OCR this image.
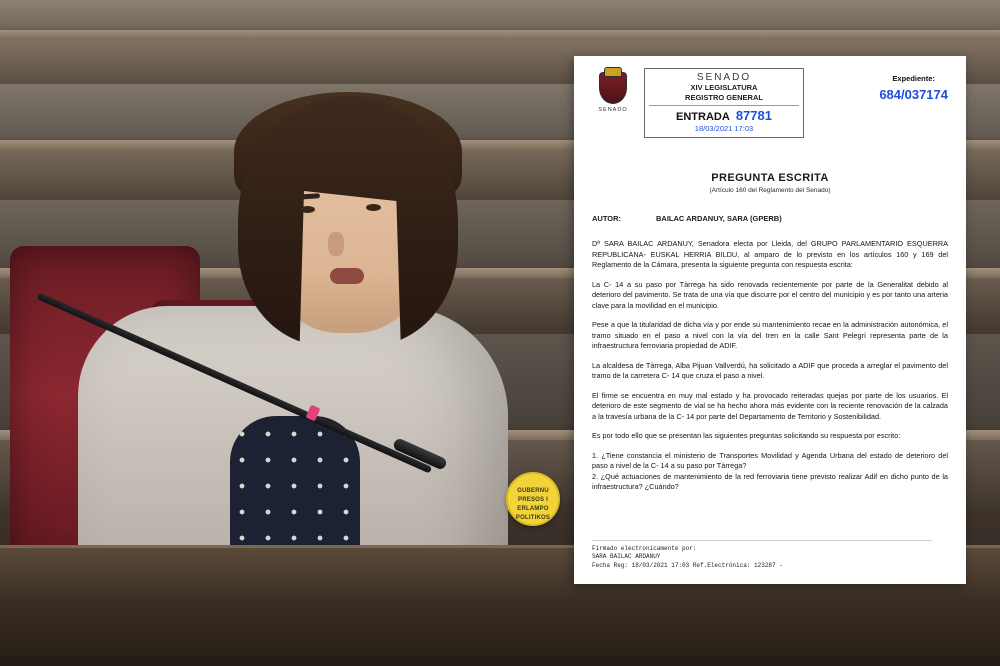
GUBERNU PRESOS I ERLAMPO POLITIKOS
SENADO
SENADO
XIV LEGISLATURA
REGISTRO GENERAL
ENTRADA 87781
18/03/2021 17:03
Expediente:
684/037174
PREGUNTA ESCRITA
(Artículo 160 del Reglamento del Senado)
AUTOR:	BAILAC ARDANUY, SARA (GPERB)

Dª SARA BAILAC ARDANUY, Senadora electa por Lleida, del GRUPO PARLAMENTARIO ESQUERRA REPUBLICANA- EUSKAL HERRIA BILDU, al amparo de lo previsto en los artículos 160 y 169 del Reglamento de la Cámara, presenta la siguiente pregunta con respuesta escrita:

La C- 14 a su paso por Tàrrega ha sido renovada recientemente por parte de la Generalitat debido al deterioro del pavimento. Se trata de una vía que discurre por el centro del municipio y es por tanto una arteria clave para la movilidad en el municipio.

Pese a que la titularidad de dicha vía y por ende su mantenimiento recae en la administración autonómica, el tramo situado en el paso a nivel con la vía del tren en la calle Sant Pelegrí representa parte de la infraestructura ferroviaria propiedad de ADIF.

La alcaldesa de Tàrrega, Alba Pijuan Vallverdú, ha solicitado a ADIF que proceda a arreglar el pavimento del tramo de la carretera C- 14 que cruza el paso a nivel.

El firme se encuentra en muy mal estado y ha provocado reiteradas quejas por parte de los usuarios. El deterioro de este segmento de vial se ha hecho ahora más evidente con la reciente renovación de la calzada a la travesía urbana de la C- 14 por parte del Departamento de Territorio y Sostenibilidad.

Es por todo ello que se presentan las siguientes preguntas solicitando su respuesta por escrito:

1. ¿Tiene constancia el ministerio de Transportes Movilidad y Agenda Urbana del estado de deterioro del paso a nivel de la C- 14 a su paso por Tàrrega?

2. ¿Qué actuaciones de mantenimiento de la red ferroviaria tiene previsto realizar Adif en dicho punto de la infraestructura? ¿Cuándo?

Firmado electronicamente por:
SARA BAILAC ARDANUY
Fecha Reg: 18/03/2021 17:03 Ref.Electrónica: 123287 -
